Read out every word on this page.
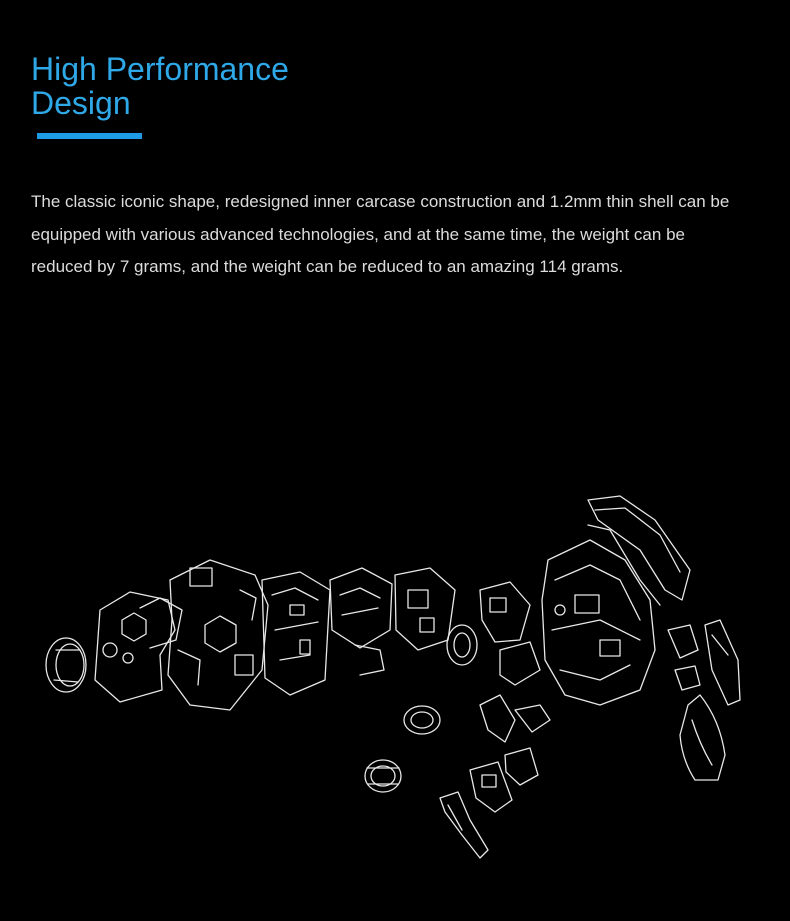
High Performance
Design

The classic iconic shape, redesigned inner carcase construction and 1.2mm thin shell can be equipped with various advanced technologies, and at the same time, the weight can be reduced by 7 grams, and the weight can be reduced to an amazing 114 grams.
